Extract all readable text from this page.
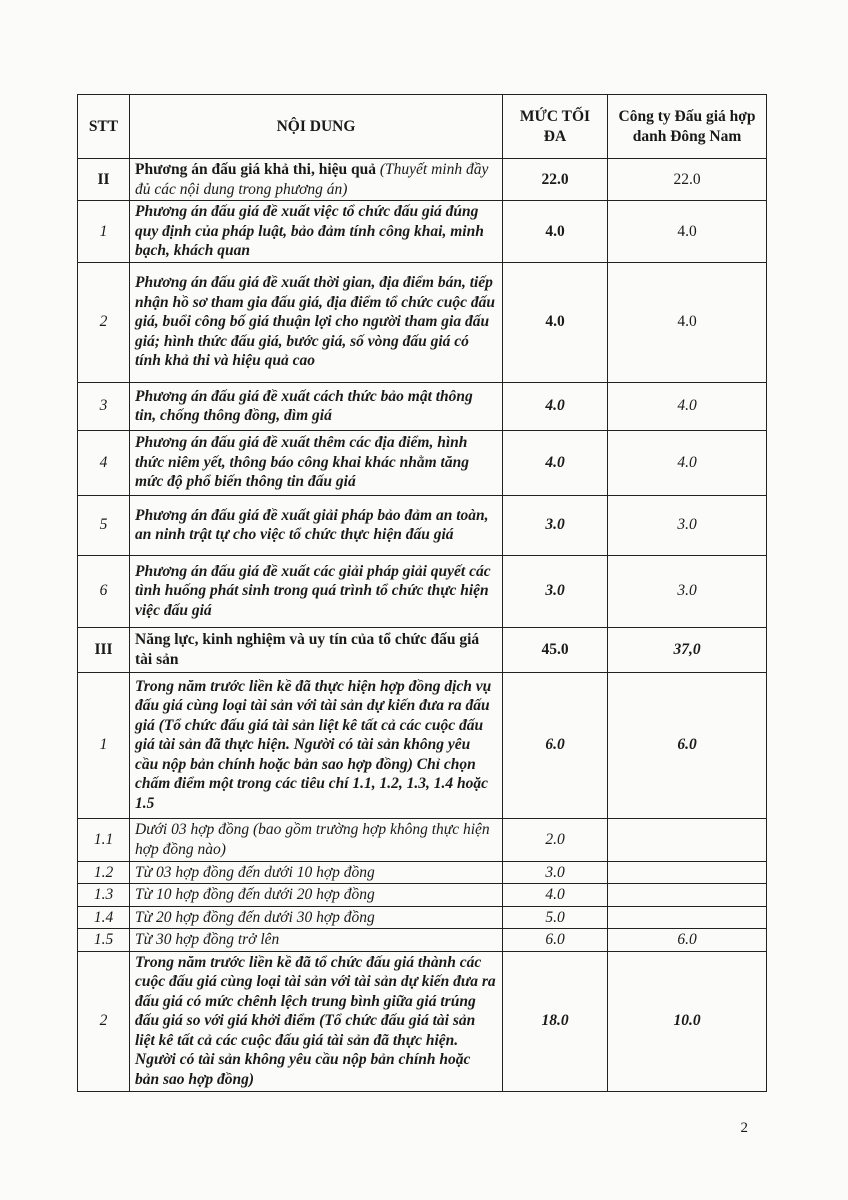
STT	NỘI DUNG	MỨC TỐI ĐA	Công ty Đấu giá hợp danh Đông Nam
II	Phương án đấu giá khả thi, hiệu quả (Thuyết minh đầy đủ các nội dung trong phương án)	22.0	22.0
1	Phương án đấu giá đề xuất việc tổ chức đấu giá đúng quy định của pháp luật, bảo đảm tính công khai, minh bạch, khách quan	4.0	4.0
2	Phương án đấu giá đề xuất thời gian, địa điểm bán, tiếp nhận hồ sơ tham gia đấu giá, địa điểm tổ chức cuộc đấu giá, buổi công bố giá thuận lợi cho người tham gia đấu giá; hình thức đấu giá, bước giá, số vòng đấu giá có tính khả thi và hiệu quả cao	4.0	4.0
3	Phương án đấu giá đề xuất cách thức bảo mật thông tin, chống thông đồng, dìm giá	4.0	4.0
4	Phương án đấu giá đề xuất thêm các địa điểm, hình thức niêm yết, thông báo công khai khác nhằm tăng mức độ phổ biến thông tin đấu giá	4.0	4.0
5	Phương án đấu giá đề xuất giải pháp bảo đảm an toàn, an ninh trật tự cho việc tổ chức thực hiện đấu giá	3.0	3.0
6	Phương án đấu giá đề xuất các giải pháp giải quyết các tình huống phát sinh trong quá trình tổ chức thực hiện việc đấu giá	3.0	3.0
III	Năng lực, kinh nghiệm và uy tín của tổ chức đấu giá tài sản	45.0	37,0
1	Trong năm trước liền kề đã thực hiện hợp đồng dịch vụ đấu giá cùng loại tài sản với tài sản dự kiến đưa ra đấu giá (Tổ chức đấu giá tài sản liệt kê tất cả các cuộc đấu giá tài sản đã thực hiện. Người có tài sản không yêu cầu nộp bản chính hoặc bản sao hợp đồng) Chỉ chọn chấm điểm một trong các tiêu chí 1.1, 1.2, 1.3, 1.4 hoặc 1.5	6.0	6.0
1.1	Dưới 03 hợp đồng (bao gồm trường hợp không thực hiện hợp đồng nào)	2.0	
1.2	Từ 03 hợp đồng đến dưới 10 hợp đồng	3.0	
1.3	Từ 10 hợp đồng đến dưới 20 hợp đồng	4.0	
1.4	Từ 20 hợp đồng đến dưới 30 hợp đồng	5.0	
1.5	Từ 30 hợp đồng trở lên	6.0	6.0
2	Trong năm trước liền kề đã tổ chức đấu giá thành các cuộc đấu giá cùng loại tài sản với tài sản dự kiến đưa ra đấu giá có mức chênh lệch trung bình giữa giá trúng đấu giá so với giá khởi điểm (Tổ chức đấu giá tài sản liệt kê tất cả các cuộc đấu giá tài sản đã thực hiện. Người có tài sản không yêu cầu nộp bản chính hoặc bản sao hợp đồng)	18.0	10.0
2
